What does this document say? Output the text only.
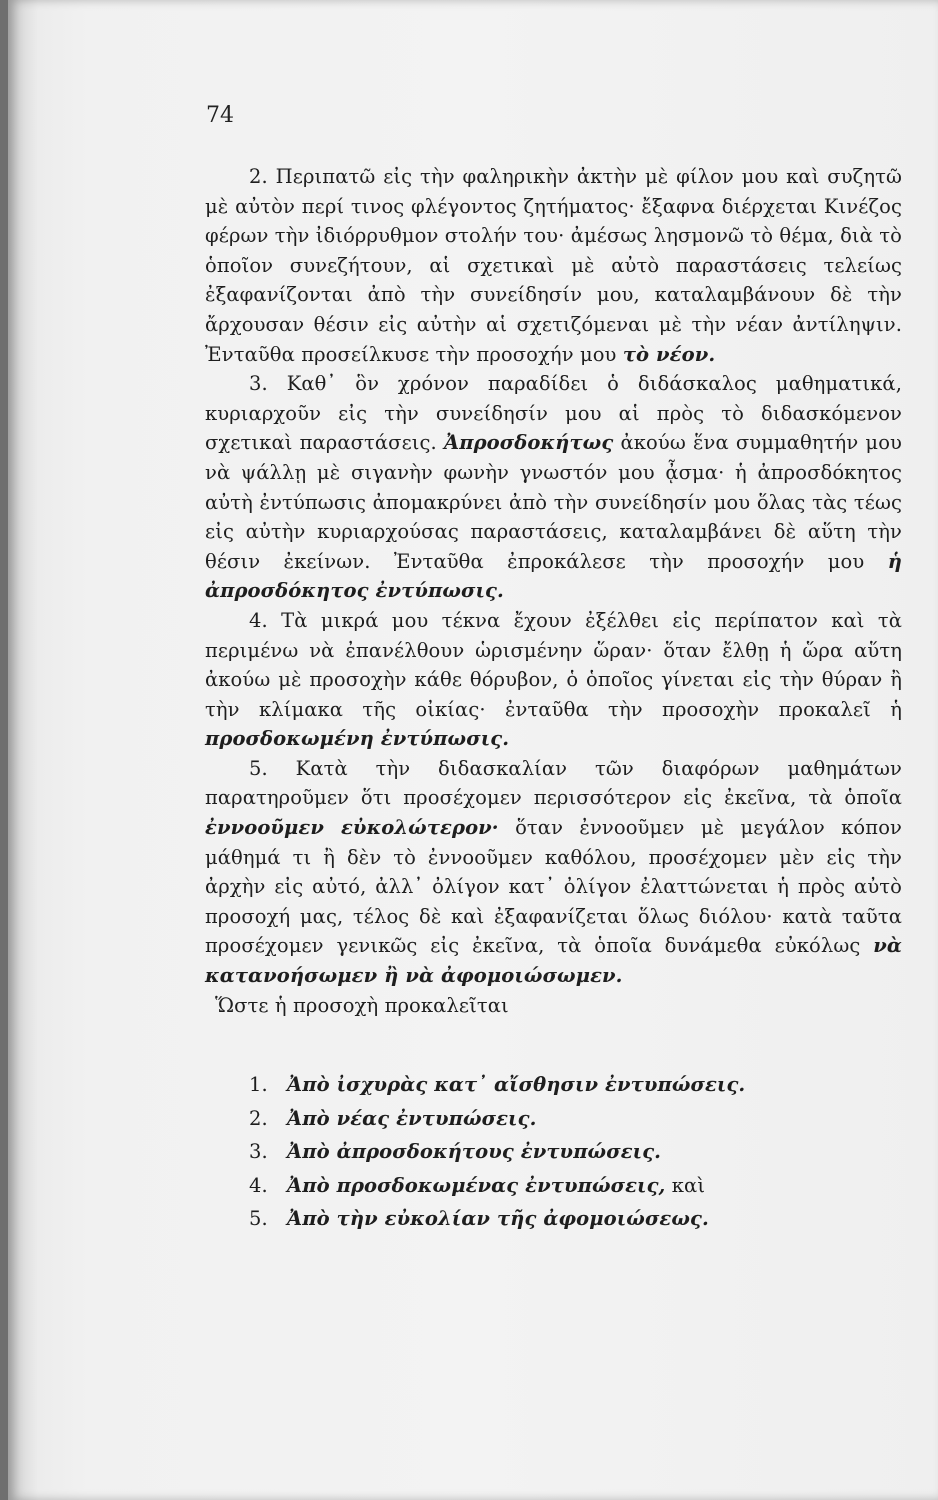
74

2. Περιπατῶ εἰς τὴν φαληρικὴν ἀκτὴν μὲ φίλον μου καὶ συζητῶ μὲ αὐτὸν περί τινος φλέγοντος ζητήματος· ἔξαφνα διέρχεται Κινέζος φέρων τὴν ἰδιόρρυθμον στολήν του· ἀμέσως λησμονῶ τὸ θέμα, διὰ τὸ ὁποῖον συνεζήτουν, αἱ σχετικαὶ μὲ αὐτὸ παραστάσεις τελείως ἐξαφανίζονται ἀπὸ τὴν συνείδησίν μου, καταλαμβάνουν δὲ τὴν ἄρχουσαν θέσιν εἰς αὐτὴν αἱ σχετιζόμεναι μὲ τὴν νέαν ἀντίληψιν. Ἐνταῦθα προσείλκυσε τὴν προσοχήν μου τὸ νέον.

3. Καθ᾽ ὃν χρόνον παραδίδει ὁ διδάσκαλος μαθηματικά, κυριαρχοῦν εἰς τὴν συνείδησίν μου αἱ πρὸς τὸ διδασκόμενον σχετικαὶ παραστάσεις. Ἀπροσδοκήτως ἀκούω ἕνα συμμαθητήν μου νὰ ψάλλῃ μὲ σιγανὴν φωνὴν γνωστόν μου ᾆσμα· ἡ ἀπροσδόκητος αὐτὴ ἐντύπωσις ἀπομακρύνει ἀπὸ τὴν συνείδησίν μου ὅλας τὰς τέως εἰς αὐτὴν κυριαρχούσας παραστάσεις, καταλαμβάνει δὲ αὕτη τὴν θέσιν ἐκείνων. Ἐνταῦθα ἐπροκάλεσε τὴν προσοχήν μου ἡ ἀπροσδόκητος ἐντύπωσις.

4. Τὰ μικρά μου τέκνα ἔχουν ἐξέλθει εἰς περίπατον καὶ τὰ περιμένω νὰ ἐπανέλθουν ὡρισμένην ὥραν· ὅταν ἔλθῃ ἡ ὥρα αὕτη ἀκούω μὲ προσοχὴν κάθε θόρυβον, ὁ ὁποῖος γίνεται εἰς τὴν θύραν ἢ τὴν κλίμακα τῆς οἰκίας· ἐνταῦθα τὴν προσοχὴν προκαλεῖ ἡ προσδοκωμένη ἐντύπωσις.

5. Κατὰ τὴν διδασκαλίαν τῶν διαφόρων μαθημάτων παρατηροῦμεν ὅτι προσέχομεν περισσότερον εἰς ἐκεῖνα, τὰ ὁποῖα ἐννοοῦμεν εὐκολώτερον· ὅταν ἐννοοῦμεν μὲ μεγάλον κόπον μάθημά τι ἢ δὲν τὸ ἐννοοῦμεν καθόλου, προσέχομεν μὲν εἰς τὴν ἀρχὴν εἰς αὐτό, ἀλλ᾽ ὀλίγον κατ᾽ ὀλίγον ἐλαττώνεται ἡ πρὸς αὐτὸ προσοχή μας, τέλος δὲ καὶ ἐξαφανίζεται ὅλως διόλου· κατὰ ταῦτα προσέχομεν γενικῶς εἰς ἐκεῖνα, τὰ ὁποῖα δυνάμεθα εὐκόλως νὰ κατανοήσωμεν ἢ νὰ ἀφομοιώσωμεν.

Ὥστε ἡ προσοχὴ προκαλεῖται

1. Ἀπὸ ἰσχυρὰς κατ᾽ αἴσθησιν ἐντυπώσεις.
2. Ἀπὸ νέας ἐντυπώσεις.
3. Ἀπὸ ἀπροσδοκήτους ἐντυπώσεις.
4. Ἀπὸ προσδοκωμένας ἐντυπώσεις, καὶ
5. Ἀπὸ τὴν εὐκολίαν τῆς ἀφομοιώσεως.
